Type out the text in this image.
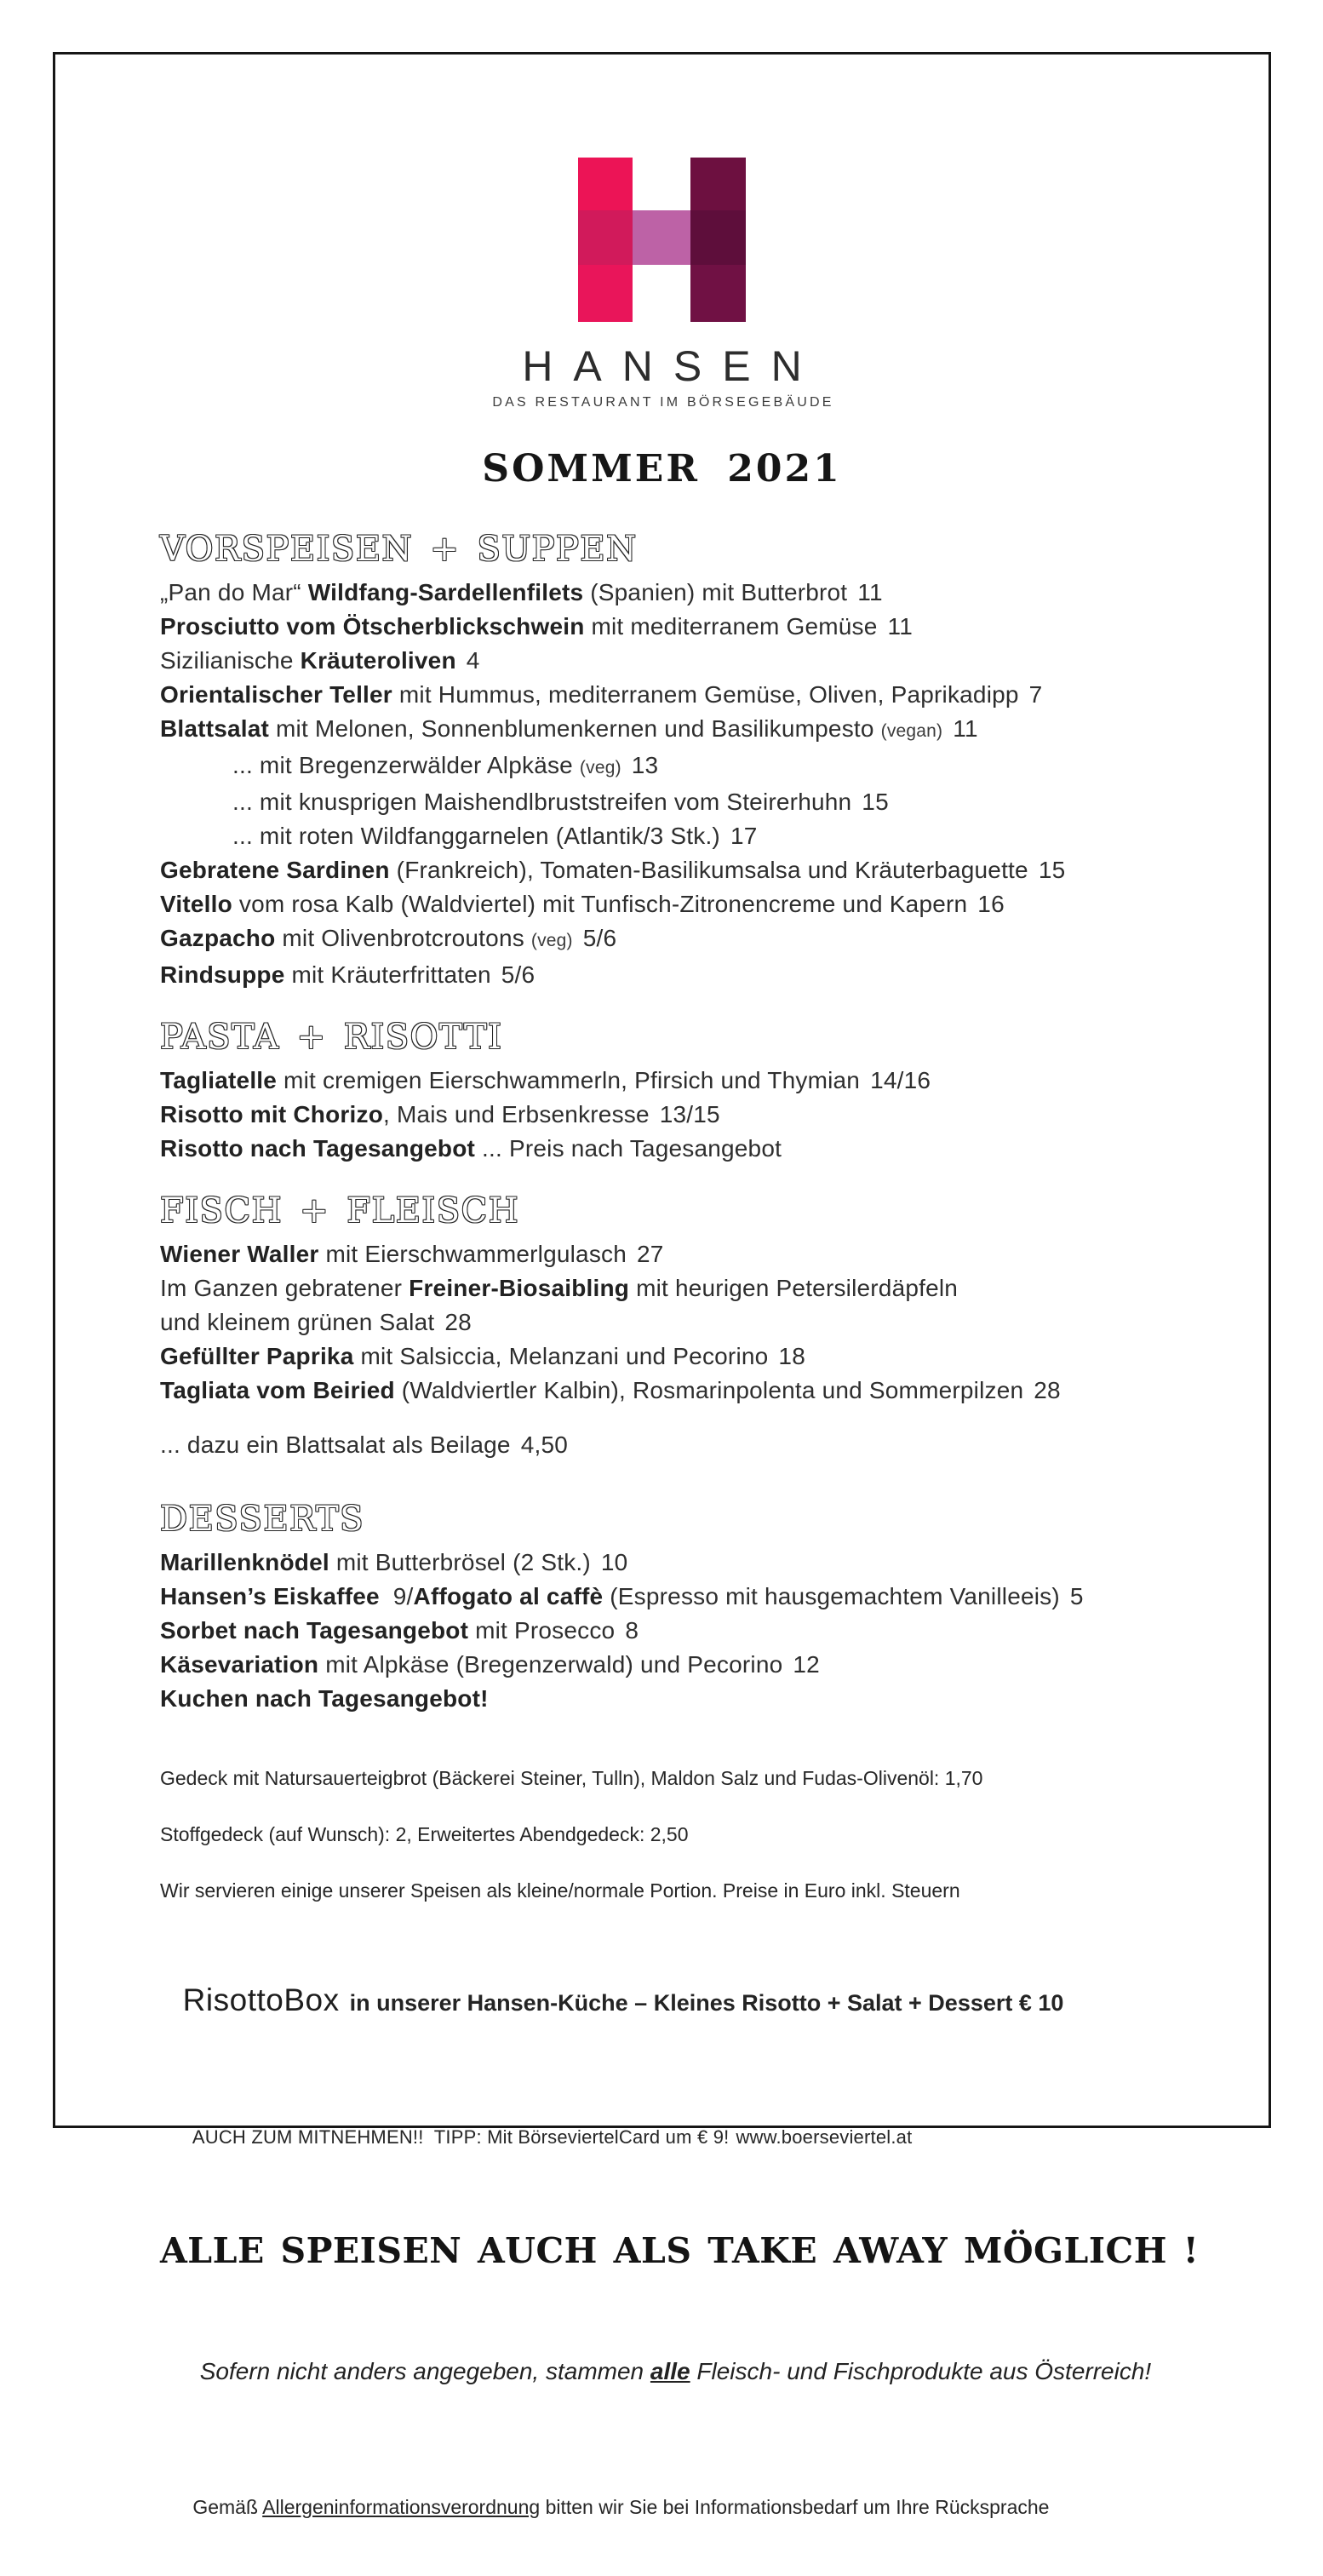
HANSEN
DAS RESTAURANT IM BÖRSEGEBÄUDE
SOMMER 2021
VORSPEISEN + SUPPEN
„Pan do Mar“ Wildfang-Sardellenfilets (Spanien) mit Butterbrot 11
Prosciutto vom Ötscherblickschwein mit mediterranem Gemüse 11
Sizilianische Kräuteroliven 4
Orientalischer Teller mit Hummus, mediterranem Gemüse, Oliven, Paprikadipp 7
Blattsalat mit Melonen, Sonnenblumenkernen und Basilikumpesto (vegan) 11
... mit Bregenzerwälder Alpkäse (veg) 13
... mit knusprigen Maishendlbruststreifen vom Steirerhuhn 15
... mit roten Wildfanggarnelen (Atlantik/3 Stk.) 17
Gebratene Sardinen (Frankreich), Tomaten-Basilikumsalsa und Kräuterbaguette 15
Vitello vom rosa Kalb (Waldviertel) mit Tunfisch-Zitronencreme und Kapern 16
Gazpacho mit Olivenbrotcroutons (veg) 5/6
Rindsuppe mit Kräuterfrittaten 5/6
PASTA + RISOTTI
Tagliatelle mit cremigen Eierschwammerln, Pfirsich und Thymian 14/16
Risotto mit Chorizo, Mais und Erbsenkresse 13/15
Risotto nach Tagesangebot ... Preis nach Tagesangebot
FISCH + FLEISCH
Wiener Waller mit Eierschwammerlgulasch 27
Im Ganzen gebratener Freiner-Biosaibling mit heurigen Petersilerdäpfeln
und kleinem grünen Salat 28
Gefüllter Paprika mit Salsiccia, Melanzani und Pecorino 18
Tagliata vom Beiried (Waldviertler Kalbin), Rosmarinpolenta und Sommerpilzen 28
... dazu ein Blattsalat als Beilage 4,50
DESSERTS
Marillenknödel mit Butterbrösel (2 Stk.) 10
Hansen’s Eiskaffee  9/Affogato al caffè (Espresso mit hausgemachtem Vanilleeis) 5
Sorbet nach Tagesangebot mit Prosecco 8
Käsevariation mit Alpkäse (Bregenzerwald) und Pecorino 12
Kuchen nach Tagesangebot!

Gedeck mit Natursauerteigbrot (Bäckerei Steiner, Tulln), Maldon Salz und Fudas-Olivenöl: 1,70

Stoffgedeck (auf Wunsch): 2, Erweitertes Abendgedeck: 2,50

Wir servieren einige unserer Speisen als kleine/normale Portion. Preise in Euro inkl. Steuern

RisottoBox in unserer Hansen-Küche – Kleines Risotto + Salat + Dessert € 10

AUCH ZUM MITNEHMEN!!  TIPP: Mit BörseviertelCard um € 9! www.boerseviertel.at

ALLE SPEISEN AUCH ALS TAKE AWAY MÖGLICH !

Sofern nicht anders angegeben, stammen alle Fleisch- und Fischprodukte aus Österreich!

Gemäß Allergeninformationsverordnung bitten wir Sie bei Informationsbedarf um Ihre Rücksprache
